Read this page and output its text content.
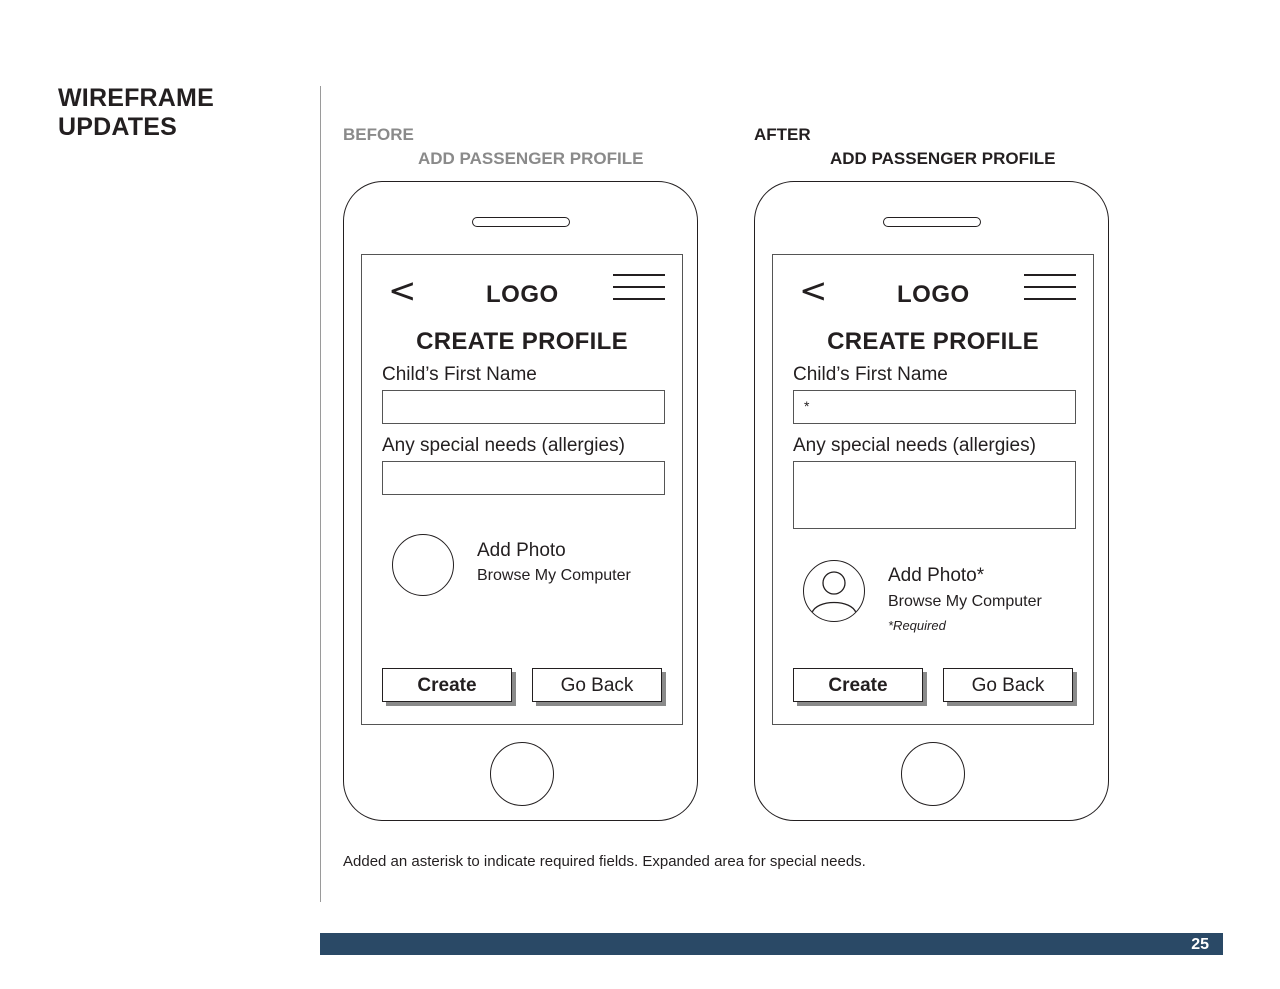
WIREFRAME
UPDATES	BEFORE
ADD PASSENGER PROFILE
<	LOGO
CREATE PROFILE
Child’s First Name
Any special needs (allergies)
Add Photo
Browse My Computer
Create	Go Back
AFTER
ADD PASSENGER PROFILE
<	LOGO
CREATE PROFILE
Child’s First Name
*
Any special needs (allergies)
Add Photo*
Browse My Computer
*Required
Create	Go Back
Added an asterisk to indicate required fields. Expanded area for special needs.
25
